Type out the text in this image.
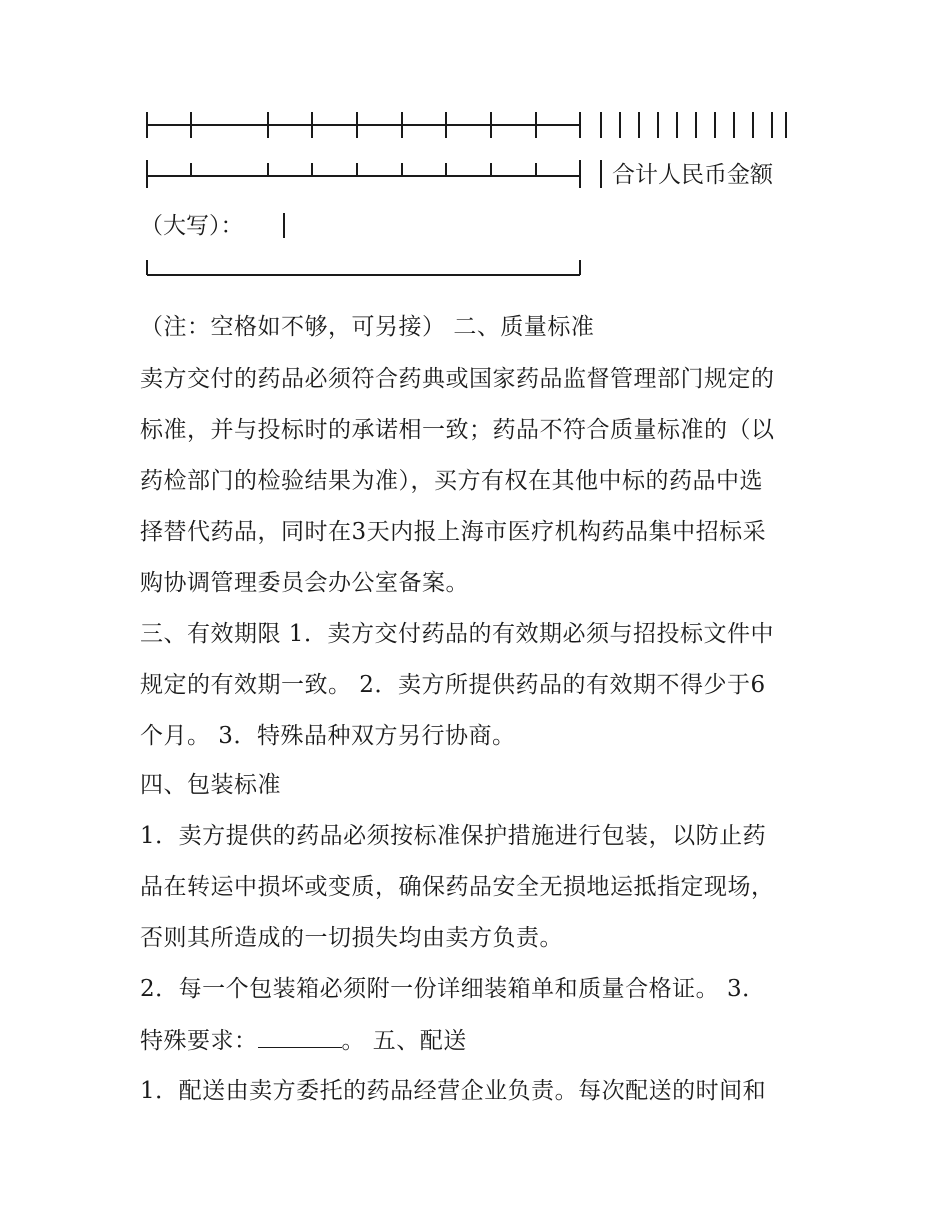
合计人民币金额
（大写）：
（注：空格如不够，可另接） 二、质量标准
卖方交付的药品必须符合药典或国家药品监督管理部门规定的
标准，并与投标时的承诺相一致；药品不符合质量标准的（以
药检部门的检验结果为准），买方有权在其他中标的药品中选
择替代药品，同时在3天内报上海市医疗机构药品集中招标采
购协调管理委员会办公室备案。
三、有效期限 1．卖方交付药品的有效期必须与招投标文件中
规定的有效期一致。 2．卖方所提供药品的有效期不得少于6
个月。 3．特殊品种双方另行协商。
四、包装标准
1．卖方提供的药品必须按标准保护措施进行包装，以防止药
品在转运中损坏或变质，确保药品安全无损地运抵指定现场，
否则其所造成的一切损失均由卖方负责。
2．每一个包装箱必须附一份详细装箱单和质量合格证。 3．
特殊要求：	。 五、配送
1．配送由卖方委托的药品经营企业负责。每次配送的时间和
